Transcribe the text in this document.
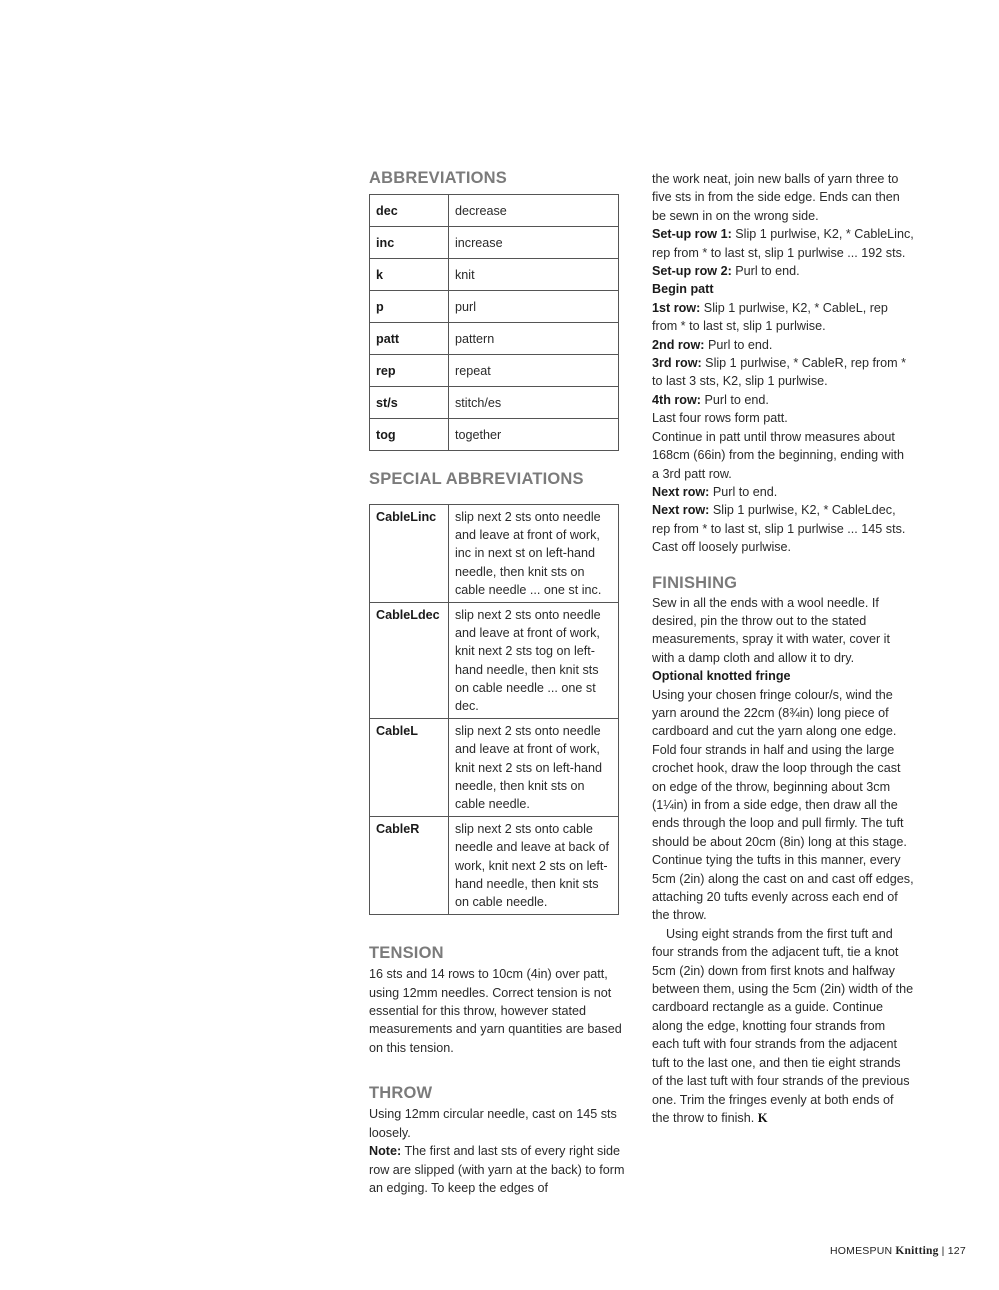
ABBREVIATIONS
dec	decrease
inc	increase
k	knit
p	purl
patt	pattern
rep	repeat
st/s	stitch/es
tog	together
SPECIAL ABBREVIATIONS
CableLinc	slip next 2 sts onto needle and leave at front of work, inc in next st on left-hand needle, then knit sts on cable needle ... one st inc.
CableLdec	slip next 2 sts onto needle and leave at front of work, knit next 2 sts tog on left-hand needle, then knit sts on cable needle ... one st dec.
CableL	slip next 2 sts onto needle and leave at front of work, knit next 2 sts on left-hand needle, then knit sts on cable needle.
CableR	slip next 2 sts onto cable needle and leave at back of work, knit next 2 sts on left-hand needle, then knit sts on cable needle.
TENSION
16 sts and 14 rows to 10cm (4in) over patt, using 12mm needles. Correct tension is not essential for this throw, however stated measurements and yarn quantities are based on this tension.
THROW

Using 12mm circular needle, cast on 145 sts loosely.

Note: The first and last sts of every right side row are slipped (with yarn at the back) to form an edging. To keep the edges of

the work neat, join new balls of yarn three to five sts in from the side edge. Ends can then be sewn in on the wrong side.

Set-up row 1: Slip 1 purlwise, K2, * CableLinc, rep from * to last st, slip 1 purlwise ... 192 sts.

Set-up row 2: Purl to end.

Begin patt

1st row: Slip 1 purlwise, K2, * CableL, rep from * to last st, slip 1 purlwise.

2nd row: Purl to end.

3rd row: Slip 1 purlwise, * CableR, rep from * to last 3 sts, K2, slip 1 purlwise.

4th row: Purl to end.

Last four rows form patt.

Continue in patt until throw measures about 168cm (66in) from the beginning, ending with a 3rd patt row.

Next row: Purl to end.

Next row: Slip 1 purlwise, K2, * CableLdec, rep from * to last st, slip 1 purlwise ... 145 sts.

Cast off loosely purlwise.

FINISHING

Sew in all the ends with a wool needle. If desired, pin the throw out to the stated measurements, spray it with water, cover it with a damp cloth and allow it to dry.

Optional knotted fringe

Using your chosen fringe colour/s, wind the yarn around the 22cm (8¾in) long piece of cardboard and cut the yarn along one edge. Fold four strands in half and using the large crochet hook, draw the loop through the cast on edge of the throw, beginning about 3cm (1¼in) in from a side edge, then draw all the ends through the loop and pull firmly. The tuft should be about 20cm (8in) long at this stage. Continue tying the tufts in this manner, every 5cm (2in) along the cast on and cast off edges, attaching 20 tufts evenly across each end of the throw.

Using eight strands from the first tuft and four strands from the adjacent tuft, tie a knot 5cm (2in) down from first knots and halfway between them, using the 5cm (2in) width of the cardboard rectangle as a guide. Continue along the edge, knotting four strands from each tuft with four strands from the adjacent tuft to the last one, and then tie eight strands of the last tuft with four strands of the previous one. Trim the fringes evenly at both ends of the throw to finish. K

HOMESPUN Knitting | 127
